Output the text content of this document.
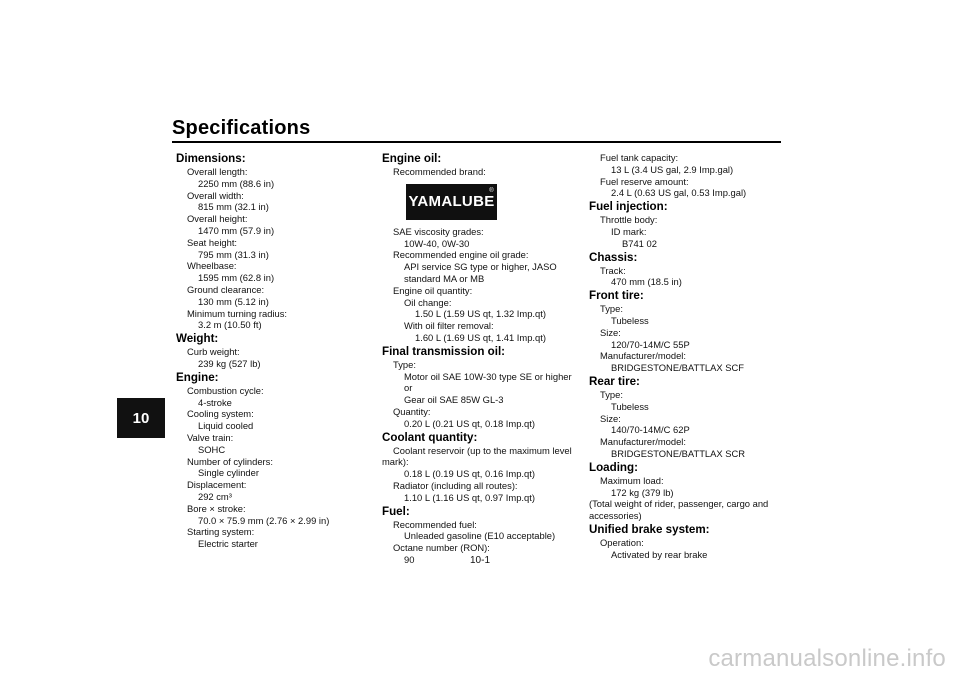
Specifications
10
Dimensions:
Overall length:
2250 mm (88.6 in)
Overall width:
815 mm (32.1 in)
Overall height:
1470 mm (57.9 in)
Seat height:
795 mm (31.3 in)
Wheelbase:
1595 mm (62.8 in)
Ground clearance:
130 mm (5.12 in)
Minimum turning radius:
3.2 m (10.50 ft)
Weight:
Curb weight:
239 kg (527 lb)
Engine:
Combustion cycle:
4-stroke
Cooling system:
Liquid cooled
Valve train:
SOHC
Number of cylinders:
Single cylinder
Displacement:
292 cm³
Bore × stroke:
70.0 × 75.9 mm (2.76 × 2.99 in)
Starting system:
Electric starter
Engine oil:
Recommended brand:
YAMALUBE
®
SAE viscosity grades:
10W-40, 0W-30
Recommended engine oil grade:
API service SG type or higher, JASO
standard MA or MB
Engine oil quantity:
Oil change:
1.50 L (1.59 US qt, 1.32 Imp.qt)
With oil filter removal:
1.60 L (1.69 US qt, 1.41 Imp.qt)
Final transmission oil:
Type:
Motor oil SAE 10W-30 type SE or higher or
Gear oil SAE 85W GL-3
Quantity:
0.20 L (0.21 US qt, 0.18 Imp.qt)
Coolant quantity:
Coolant reservoir (up to the maximum level
mark):
0.18 L (0.19 US qt, 0.16 Imp.qt)
Radiator (including all routes):
1.10 L (1.16 US qt, 0.97 Imp.qt)
Fuel:
Recommended fuel:
Unleaded gasoline (E10 acceptable)
Octane number (RON):
90
Fuel tank capacity:
13 L (3.4 US gal, 2.9 Imp.gal)
Fuel reserve amount:
2.4 L (0.63 US gal, 0.53 Imp.gal)
Fuel injection:
Throttle body:
ID mark:
B741 02
Chassis:
Track:
470 mm (18.5 in)
Front tire:
Type:
Tubeless
Size:
120/70-14M/C 55P
Manufacturer/model:
BRIDGESTONE/BATTLAX SCF
Rear tire:
Type:
Tubeless
Size:
140/70-14M/C 62P
Manufacturer/model:
BRIDGESTONE/BATTLAX SCR
Loading:
Maximum load:
172 kg (379 lb)
(Total weight of rider, passenger, cargo and
accessories)
Unified brake system:
Operation:
Activated by rear brake
10-1
carmanualsonline.info
